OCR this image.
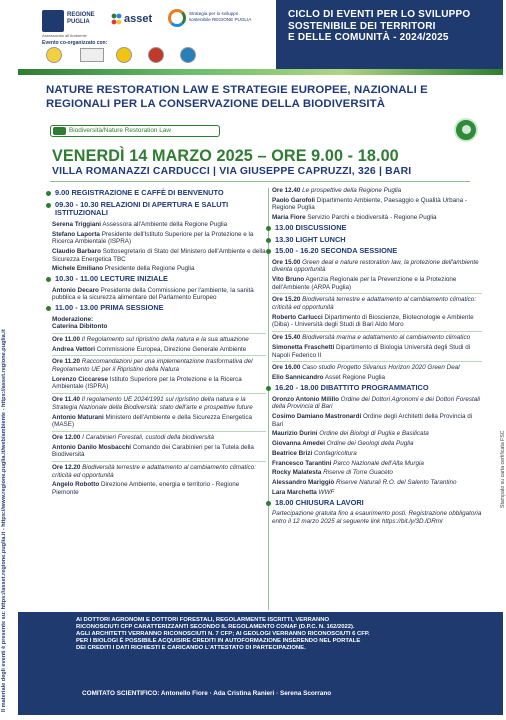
Il materiale degli eventi è presente su: https://asset.regione.puglia.it - https://www.regione.puglia.it/web/ambiente - https://asset.regione.puglia.it	Stampato su carta certificata FSC
REGIONE PUGLIA
Assessorato all'Ambiente
Evento co-organizzato con:
asset	Strategia per lo sviluppo sostenibile REGIONE PUGLIA	CICLO DI EVENTI PER LO SVILUPPO
SOSTENIBILE DEI TERRITORI
E DELLE COMUNITÀ - 2024/2025
NATURE RESTORATION LAW E STRATEGIE EUROPEE, NAZIONALI E REGIONALI PER LA CONSERVAZIONE DELLA BIODIVERSITÀ
Biodiversità/Nature Restoration Law
VENERDÌ 14 MARZO 2025 – ORE 9.00 - 18.00
VILLA ROMANAZZI CARDUCCI | VIA GIUSEPPE CAPRUZZI, 326 | BARI
9.00 REGISTRAZIONE E CAFFÈ DI BENVENUTO
09.30 - 10.30 RELAZIONI DI APERTURA E SALUTI ISTITUZIONALI
Serena Triggiani Assessora all'Ambiente della Regione Puglia
Stefano Laporta Presidente dell'Istituto Superiore per la Protezione e la Ricerca Ambientale (ISPRA)
Claudio Barbaro Sottosegretario di Stato del Ministero dell'Ambiente e della Sicurezza Energetica TBC
Michele Emiliano Presidente della Regione Puglia
10.30 - 11.00 LECTURE INIZIALE
Antonio Decaro Presidente della Commissione per l'ambiente, la sanità pubblica e la sicurezza alimentare del Parlamento Europeo
11.00 - 13.00 PRIMA SESSIONE
Moderazione:
Caterina Dibitonto
Ore 11.00 Il Regolamento sul ripristino della natura e la sua attuazione
Andrea Vettori Commissione Europea, Direzione Generale Ambiente
Ore 11.20 Raccomandazioni per una implementazione trasformativa del Regolamento UE per il Ripristino della Natura
Lorenzo Ciccarese Istituto Superiore per la Protezione e la Ricerca Ambientale (ISPRA)
Ore 11.40 Il regolamento UE 2024/1991 sul ripristino della natura e la Strategia Nazionale della Biodiversità: stato dell'arte e prospettive future
Antonio Maturani Ministero dell'Ambiente e della Sicurezza Energetica (MASE)
Ore 12.00 I Carabinieri Forestali, custodi della biodiversità
Antonio Danilo Mosbacchi Comando dei Carabinieri per la Tutela della Biodiversità
Ore 12.20 Biodiversità terrestre e adattamento al cambiamento climatico: criticità ed opportunità
Angelo Robotto Direzione Ambiente, energia e territorio - Regione Piemonte
Ore 12.40 Le prospettive della Regione Puglia
Paolo Garofoli Dipartimento Ambiente, Paesaggio e Qualità Urbana - Regione Puglia
Maria Fiore Servizio Parchi e biodiversità - Regione Puglia
13.00 DISCUSSIONE
13.30 LIGHT LUNCH
15.00 - 16.20 SECONDA SESSIONE
Ore 15.00 Green deal e nature restoration law, la protezione dell'ambiente diventa opportunità
Vito Bruno Agenzia Regionale per la Prevenzione e la Protezione dell'Ambiente (ARPA Puglia)
Ore 15.20 Biodiversità terrestre e adattamento al cambiamento climatico: criticità ed opportunità
Roberto Carlucci Dipartimento di Bioscienze, Biotecnologie e Ambiente (Diba) - Università degli Studi di Bari Aldo Moro
Ore 15.40 Biodiversità marina e adattamento al cambiamento climatico
Simonetta Fraschetti Dipartimento di Biologia Università degli Studi di Napoli Federico II
Ore 16.00 Caso studio Progetto Silvanus Horizon 2020 Green Deal
Elio Sannicandro Asset Regione Puglia
16.20 - 18.00 DIBATTITO PROGRAMMATICO
Oronzo Antonio Milillo Ordine dei Dottori Agronomi e dei Dottori Forestali della Provincia di Bari
Cosimo Damiano Mastronardi Ordine degli Architetti della Provincia di Bari
Maurizio Durini Ordine dei Biologi di Puglia e Basilicata
Giovanna Amedei Ordine dei Geologi della Puglia
Beatrice Brizi Confagricoltura
Francesco Tarantini Parco Nazionale dell'Alta Murgia
Rocky Malatesta Riserve di Torre Guaceto
Alessandro Mariggiò Riserve Naturali R.O. del Salento Tarantino
Lara Marchetta WWF
18.00 CHIUSURA LAVORI
Partecipazione gratuita fino a esaurimento posti. Registrazione obbligatoria entro il 12 marzo 2025 al seguente link https://bit.ly/3D.lDRml
AI DOTTORI AGRONOMI E DOTTORI FORESTALI, REGOLARMENTE ISCRITTI, VERRANNO
RICONOSCIUTI CFP CARATTERIZZANTI SECONDO IL REGOLAMENTO CONAF (D.P.C. N. 162/2022).
AGLI ARCHITETTI VERRANNO RICONOSCIUTI N. 7 CFP; AI GEOLOGI VERRANNO RICONOSCIUTI 6 CFP.
PER I BIOLOGI È POSSIBILE ACQUISIRE CREDITI IN AUTOFORMAZIONE INSERENDO NEL PORTALE
DEI CREDITI I DATI RICHIESTI E CARICANDO L'ATTESTATO DI PARTECIPAZIONE.
COMITATO SCIENTIFICO: Antonello Fiore · Ada Cristina Ranieri · Serena Scorrano
